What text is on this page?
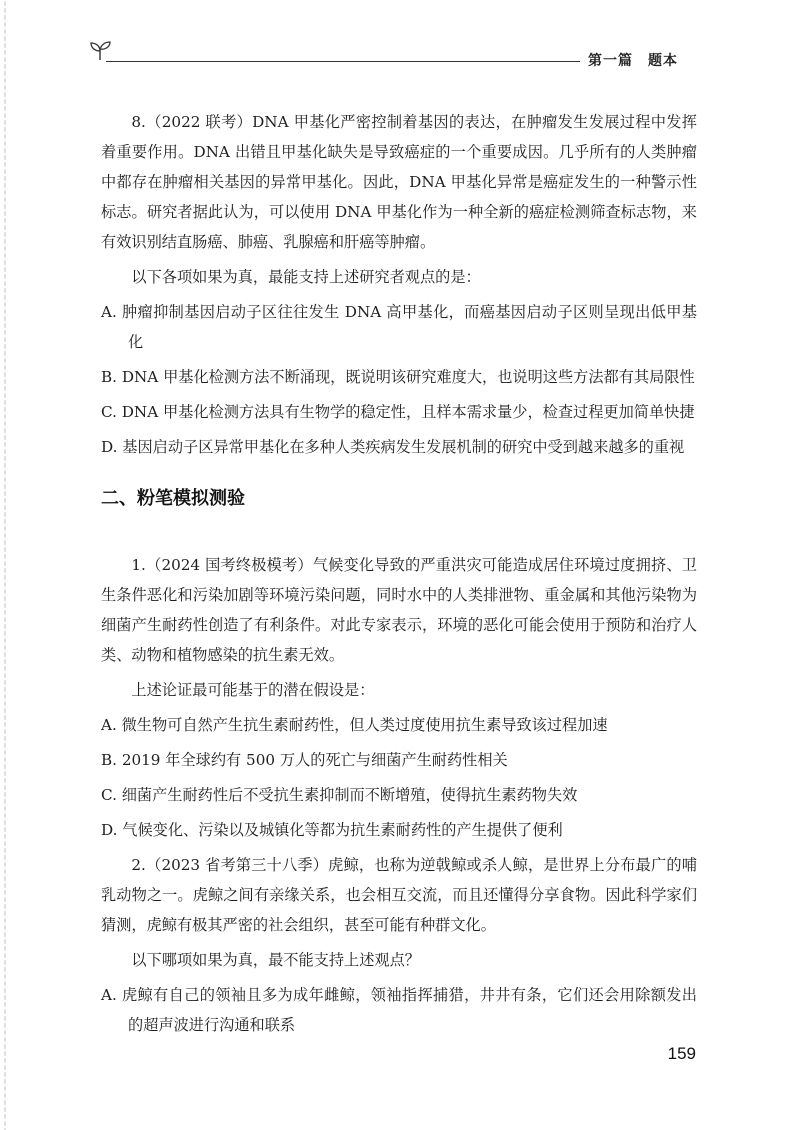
第一篇　题本

8.（2022 联考）DNA 甲基化严密控制着基因的表达，在肿瘤发生发展过程中发挥着重要作用。DNA 出错且甲基化缺失是导致癌症的一个重要成因。几乎所有的人类肿瘤中都存在肿瘤相关基因的异常甲基化。因此，DNA 甲基化异常是癌症发生的一种警示性标志。研究者据此认为，可以使用 DNA 甲基化作为一种全新的癌症检测筛查标志物，来有效识别结直肠癌、肺癌、乳腺癌和肝癌等肿瘤。

以下各项如果为真，最能支持上述研究者观点的是：

A. 肿瘤抑制基因启动子区往往发生 DNA 高甲基化，而癌基因启动子区则呈现出低甲基化
B. DNA 甲基化检测方法不断涌现，既说明该研究难度大，也说明这些方法都有其局限性
C. DNA 甲基化检测方法具有生物学的稳定性，且样本需求量少，检查过程更加简单快捷
D. 基因启动子区异常甲基化在多种人类疾病发生发展机制的研究中受到越来越多的重视
二、粉笔模拟测验

1.（2024 国考终极模考）气候变化导致的严重洪灾可能造成居住环境过度拥挤、卫生条件恶化和污染加剧等环境污染问题，同时水中的人类排泄物、重金属和其他污染物为细菌产生耐药性创造了有利条件。对此专家表示，环境的恶化可能会使用于预防和治疗人类、动物和植物感染的抗生素无效。

上述论证最可能基于的潜在假设是：

A. 微生物可自然产生抗生素耐药性，但人类过度使用抗生素导致该过程加速
B. 2019 年全球约有 500 万人的死亡与细菌产生耐药性相关
C. 细菌产生耐药性后不受抗生素抑制而不断增殖，使得抗生素药物失效
D. 气候变化、污染以及城镇化等都为抗生素耐药性的产生提供了便利

2.（2023 省考第三十八季）虎鲸，也称为逆戟鲸或杀人鲸，是世界上分布最广的哺乳动物之一。虎鲸之间有亲缘关系，也会相互交流，而且还懂得分享食物。因此科学家们猜测，虎鲸有极其严密的社会组织，甚至可能有种群文化。

以下哪项如果为真，最不能支持上述观点？

A. 虎鲸有自己的领袖且多为成年雌鲸，领袖指挥捕猎，井井有条，它们还会用除额发出的超声波进行沟通和联系
159
